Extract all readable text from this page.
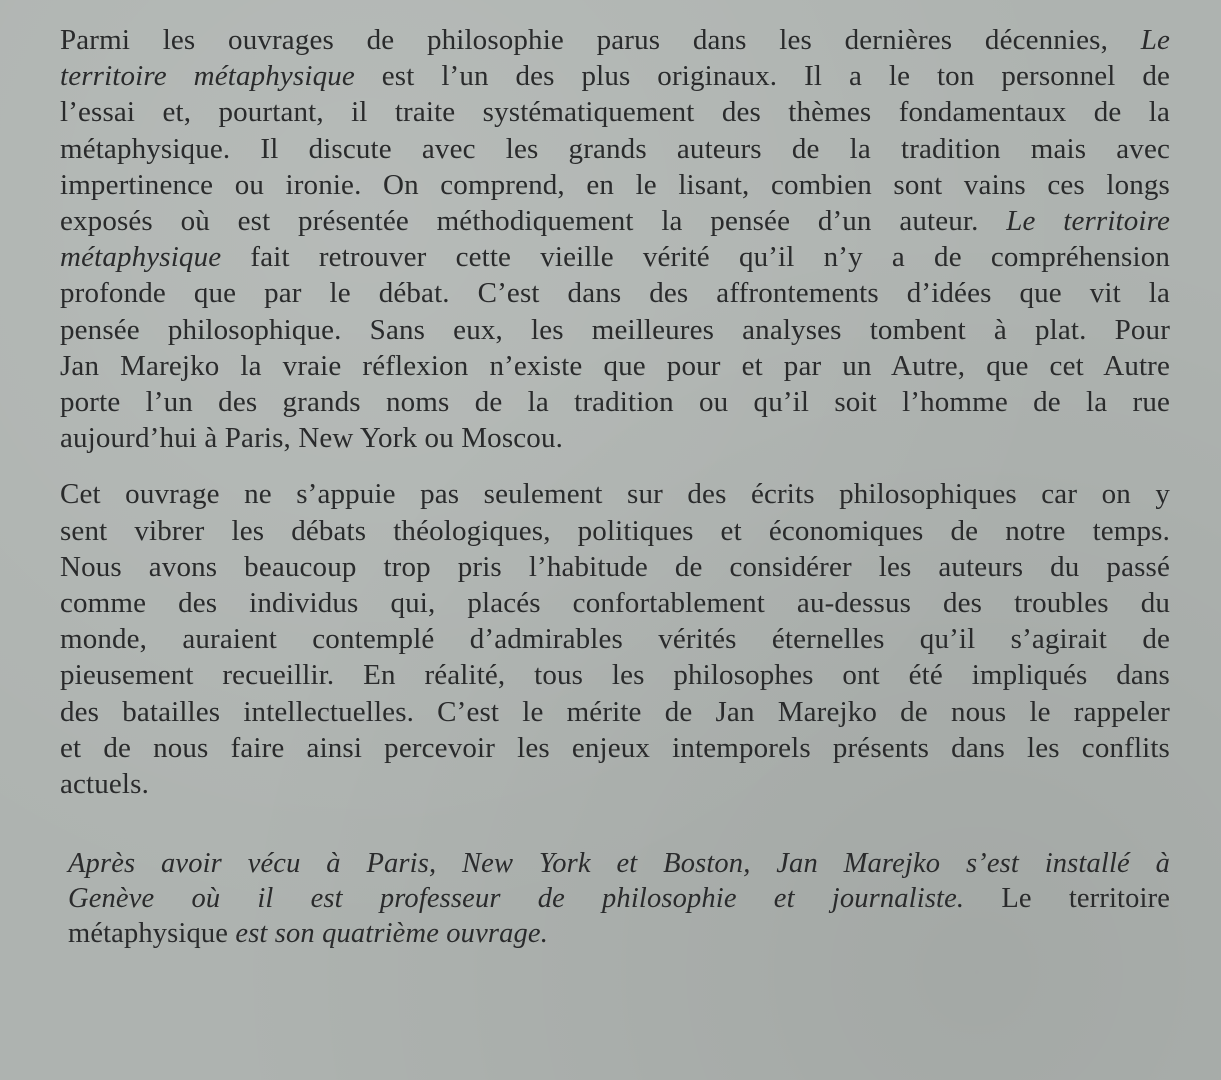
Parmi les ouvrages de philosophie parus dans les dernières décennies, Le
territoire métaphysique est l’un des plus originaux. Il a le ton personnel de
l’essai et, pourtant, il traite systématiquement des thèmes fondamentaux de la
métaphysique. Il discute avec les grands auteurs de la tradition mais avec
impertinence ou ironie. On comprend, en le lisant, combien sont vains ces longs
exposés où est présentée méthodiquement la pensée d’un auteur. Le territoire
métaphysique fait retrouver cette vieille vérité qu’il n’y a de compréhension
profonde que par le débat. C’est dans des affrontements d’idées que vit la
pensée philosophique. Sans eux, les meilleures analyses tombent à plat. Pour
Jan Marejko la vraie réflexion n’existe que pour et par un Autre, que cet Autre
porte l’un des grands noms de la tradition ou qu’il soit l’homme de la rue
aujourd’hui à Paris, New York ou Moscou.

Cet ouvrage ne s’appuie pas seulement sur des écrits philosophiques car on y
sent vibrer les débats théologiques, politiques et économiques de notre temps.
Nous avons beaucoup trop pris l’habitude de considérer les auteurs du passé
comme des individus qui, placés confortablement au-dessus des troubles du
monde, auraient contemplé d’admirables vérités éternelles qu’il s’agirait de
pieusement recueillir. En réalité, tous les philosophes ont été impliqués dans
des batailles intellectuelles. C’est le mérite de Jan Marejko de nous le rappeler
et de nous faire ainsi percevoir les enjeux intemporels présents dans les conflits
actuels.

Après avoir vécu à Paris, New York et Boston, Jan Marejko s’est installé à
Genève où il est professeur de philosophie et journaliste. Le territoire
métaphysique est son quatrième ouvrage.
